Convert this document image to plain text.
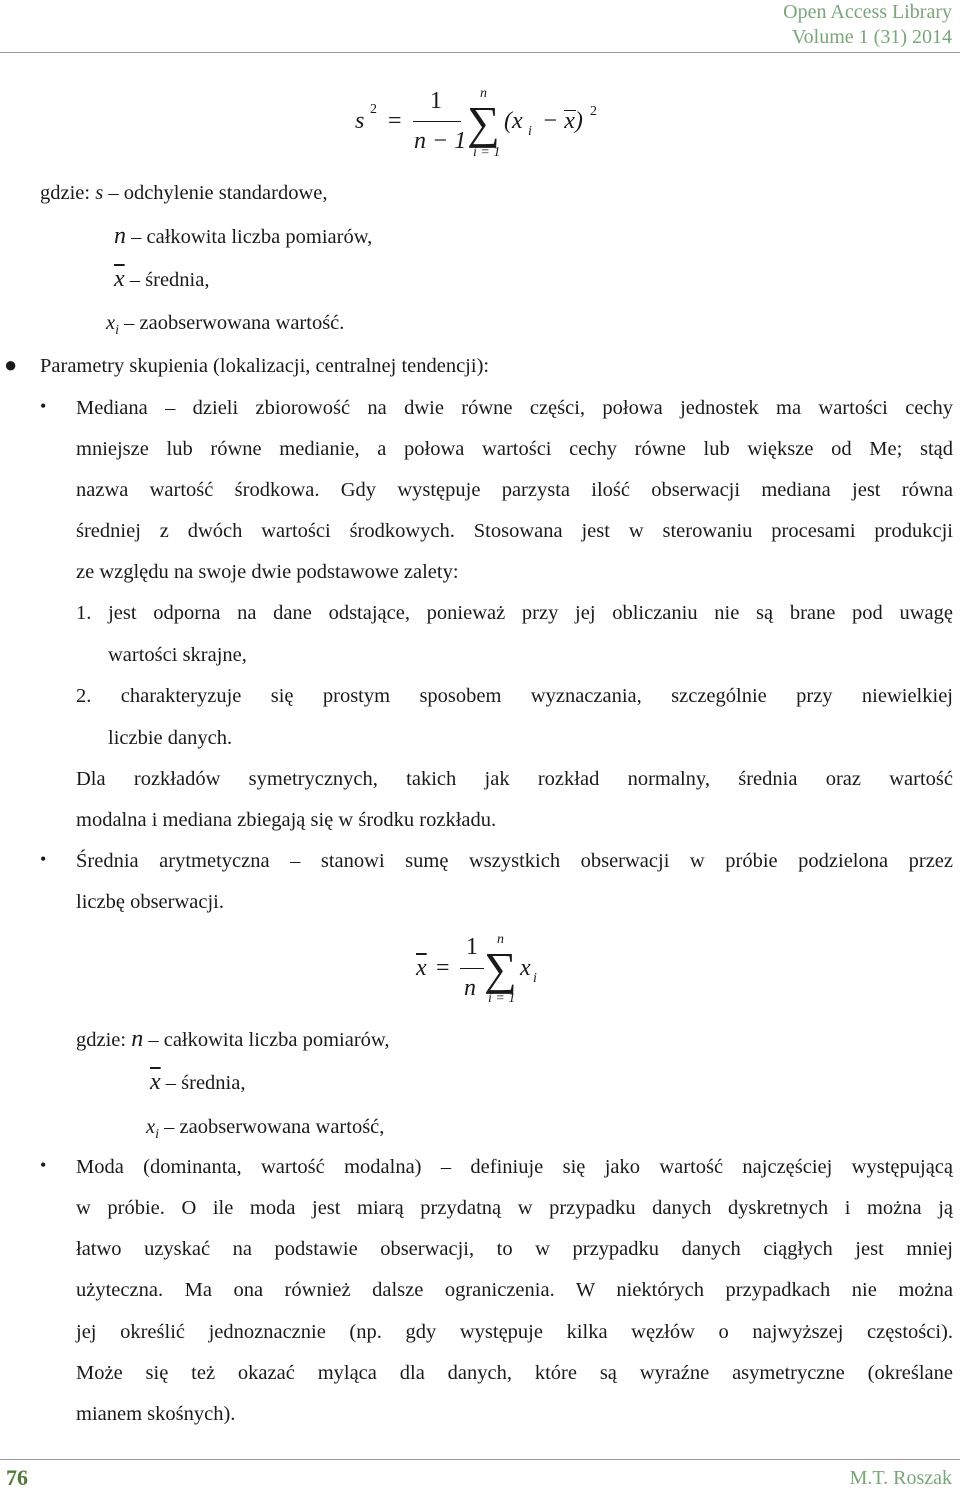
Open Access Library
Volume 1 (31) 2014
s 2 =
1
n − 1
n
∑
i = 1
(x i − x) 2
gdzie: s – odchylenie standardowe,
n – całkowita liczba pomiarów,
$\overline{x}$ – średnia,
$x_i$ – zaobserwowana wartość.
● Parametry skupienia (lokalizacji, centralnej tendencji):
• Mediana – dzieli zbiorowość na dwie równe części, połowa jednostek ma wartości cechy
mniejsze lub równe medianie, a połowa wartości cechy równe lub większe od Me; stąd
nazwa wartość środkowa. Gdy występuje parzysta ilość obserwacji mediana jest równa
średniej z dwóch wartości środkowych. Stosowana jest w sterowaniu procesami produkcji
ze względu na swoje dwie podstawowe zalety:
1. jest odporna na dane odstające, ponieważ przy jej obliczaniu nie są brane pod uwagę
wartości skrajne,
2. charakteryzuje się prostym sposobem wyznaczania, szczególnie przy niewielkiej
liczbie danych.
Dla rozkładów symetrycznych, takich jak rozkład normalny, średnia oraz wartość
modalna i mediana zbiegają się w środku rozkładu.
• Średnia arytmetyczna – stanowi sumę wszystkich obserwacji w próbie podzielona przez
liczbę obserwacji.
$\overline{x}$ =
1
n
n
∑
i = 1
x i
gdzie: n – całkowita liczba pomiarów,
$\overline{x}$ – średnia,
$x_i$ – zaobserwowana wartość,
• Moda (dominanta, wartość modalna) – definiuje się jako wartość najczęściej występującą
w próbie. O ile moda jest miarą przydatną w przypadku danych dyskretnych i można ją
łatwo uzyskać na podstawie obserwacji, to w przypadku danych ciągłych jest mniej
użyteczna. Ma ona również dalsze ograniczenia. W niektórych przypadkach nie można
jej określić jednoznacznie (np. gdy występuje kilka węzłów o najwyższej częstości).
Może się też okazać myląca dla danych, które są wyraźne asymetryczne (określane
mianem skośnych).
76	M.T. Roszak
